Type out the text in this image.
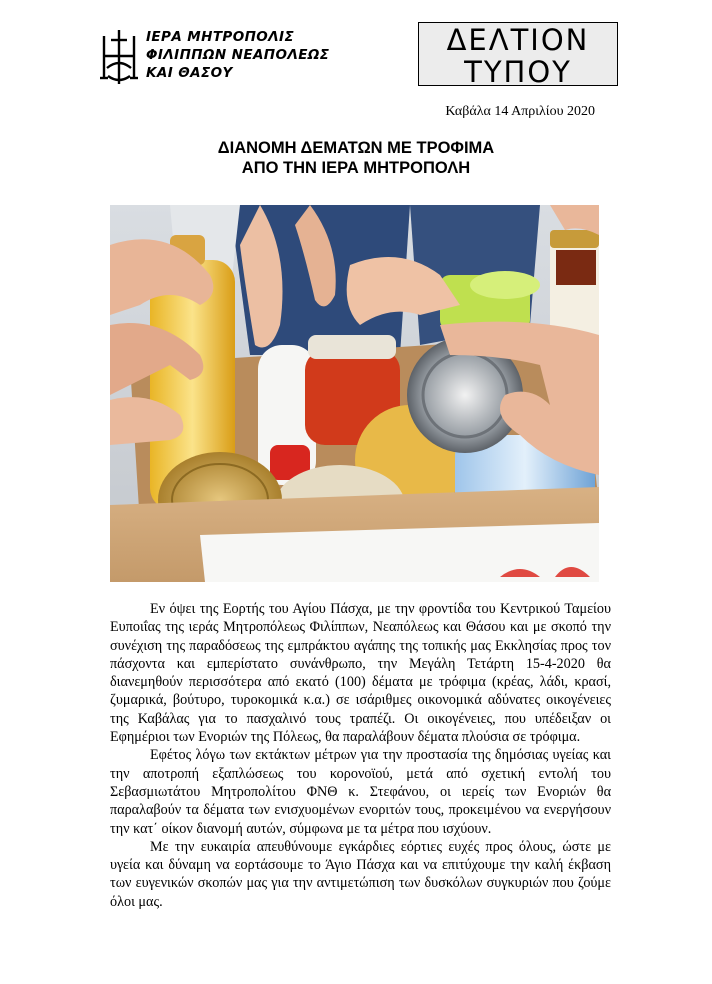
ΙΕΡΑ ΜΗΤΡΟΠΟΛΙΣ
ΦΙΛΙΠΠΩΝ ΝΕΑΠΟΛΕΩΣ
ΚΑΙ ΘΑΣΟΥ
ΔΕΛΤΙΟΝ
ΤΥΠΟΥ
Καβάλα 14 Απριλίου 2020
ΔΙΑΝΟΜΗ ΔΕΜΑΤΩΝ ΜΕ ΤΡΟΦΙΜΑ
ΑΠΟ ΤΗΝ ΙΕΡΑ ΜΗΤΡΟΠΟΛΗ

Εν όψει της Εορτής του Αγίου Πάσχα, με την φροντίδα του Κεντρικού Ταμείου Ευποιΐας της ιεράς Μητροπόλεως Φιλίππων, Νεαπόλεως και Θάσου και με σκοπό την συνέχιση της παραδόσεως της εμπράκτου αγάπης της τοπικής μας Εκκλησίας προς τον πάσχοντα και εμπερίστατο συνάνθρωπο, την Μεγάλη Τετάρτη 15-4-2020 θα διανεμηθούν περισσότερα από εκατό (100) δέματα με τρόφιμα (κρέας, λάδι, κρασί, ζυμαρικά, βούτυρο, τυροκομικά κ.α.) σε ισάριθμες οικονομικά αδύνατες οικογένειες της Καβάλας για το πασχαλινό τους τραπέζι. Οι οικογένειες, που υπέδειξαν οι Εφημέριοι των Ενοριών της Πόλεως, θα παραλάβουν δέματα πλούσια σε τρόφιμα.

Εφέτος λόγω των εκτάκτων μέτρων για την προστασία της δημόσιας υγείας και την αποτροπή εξαπλώσεως του κορονοϊού, μετά από σχετική εντολή του Σεβασμιωτάτου Μητροπολίτου ΦΝΘ κ. Στεφάνου, οι ιερείς των Ενοριών θα παραλαβούν τα δέματα των ενισχυομένων ενοριτών τους, προκειμένου να ενεργήσουν την κατ΄ οίκον διανομή αυτών, σύμφωνα με τα μέτρα που ισχύουν.

Με την ευκαιρία απευθύνουμε εγκάρδιες εόρτιες ευχές προς όλους, ώστε με υγεία και δύναμη να εορτάσουμε το Άγιο Πάσχα και να επιτύχουμε την καλή έκβαση των ευγενικών σκοπών μας για την αντιμετώπιση των δυσκόλων συγκυριών που ζούμε όλοι μας.
